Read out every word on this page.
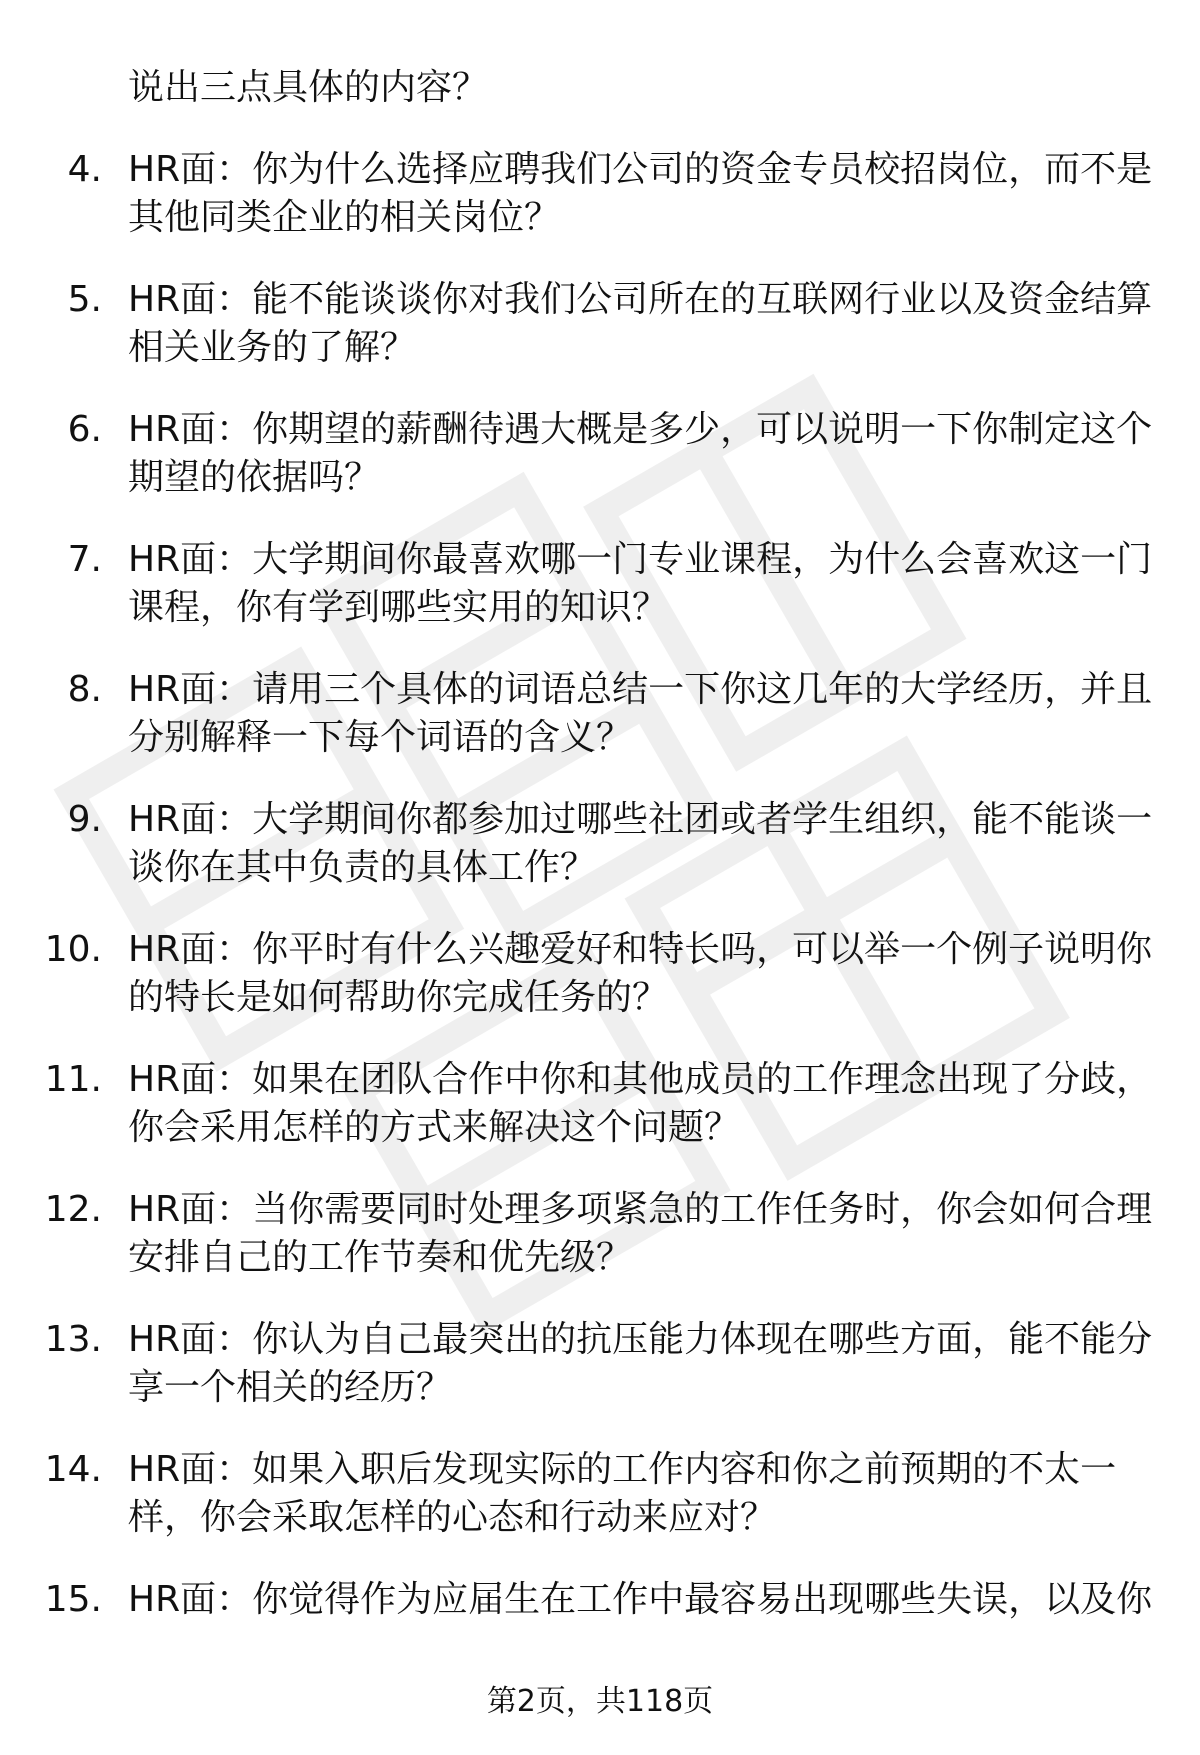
说出三点具体的内容？
4. HR面：你为什么选择应聘我们公司的资金专员校招岗位，而不是
其他同类企业的相关岗位？
5. HR面：能不能谈谈你对我们公司所在的互联网行业以及资金结算
相关业务的了解？
6. HR面：你期望的薪酬待遇大概是多少，可以说明一下你制定这个
期望的依据吗？
7. HR面：大学期间你最喜欢哪一门专业课程，为什么会喜欢这一门
课程，你有学到哪些实用的知识？
8. HR面：请用三个具体的词语总结一下你这几年的大学经历，并且
分别解释一下每个词语的含义？
9. HR面：大学期间你都参加过哪些社团或者学生组织，能不能谈一
谈你在其中负责的具体工作？
10. HR面：你平时有什么兴趣爱好和特长吗，可以举一个例子说明你
的特长是如何帮助你完成任务的？
11. HR面：如果在团队合作中你和其他成员的工作理念出现了分歧，
你会采用怎样的方式来解决这个问题？
12. HR面：当你需要同时处理多项紧急的工作任务时，你会如何合理
安排自己的工作节奏和优先级？
13. HR面：你认为自己最突出的抗压能力体现在哪些方面，能不能分
享一个相关的经历？
14. HR面：如果入职后发现实际的工作内容和你之前预期的不太一
样，你会采取怎样的心态和行动来应对？
15. HR面：你觉得作为应届生在工作中最容易出现哪些失误，以及你
第2页，共118页
